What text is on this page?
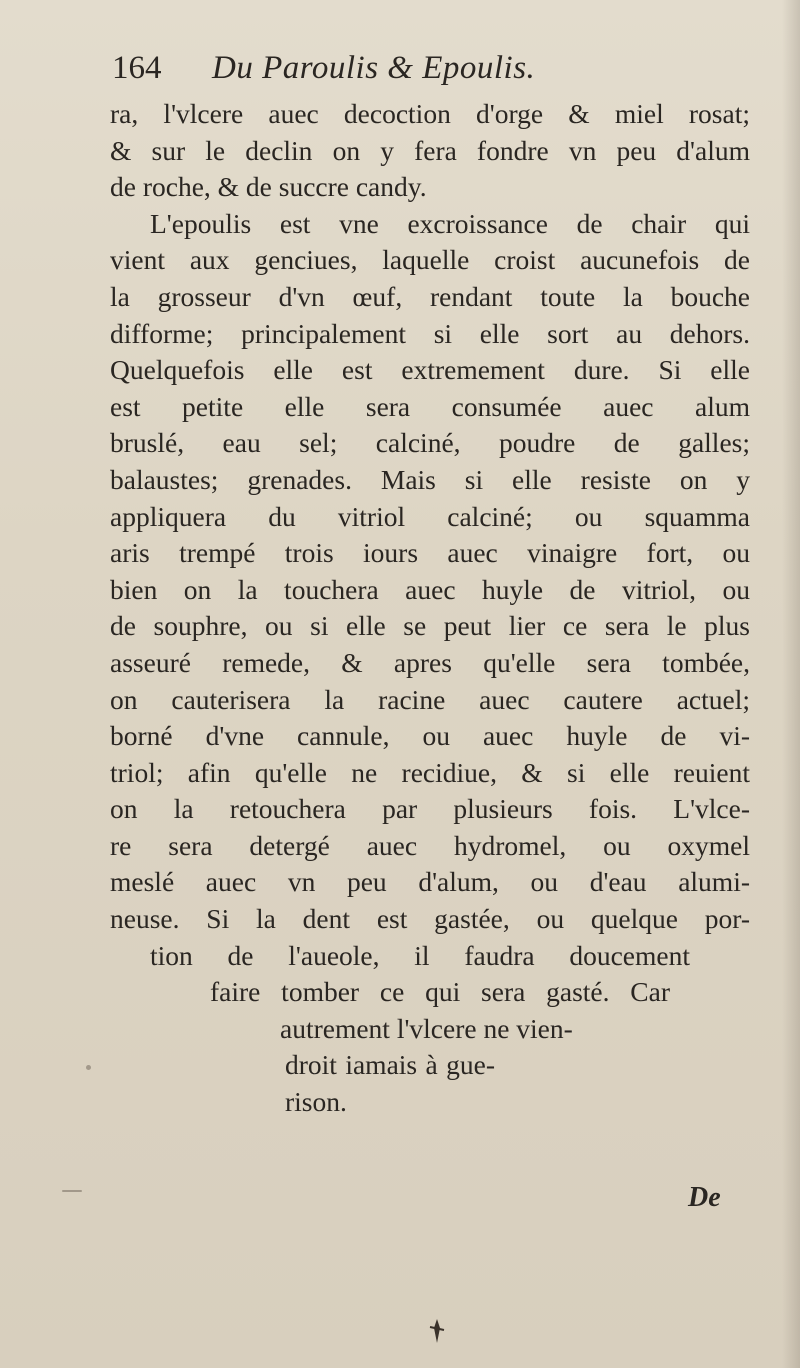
164 Du Paroulis & Epoulis.
ra, l'vlcere auec decoction d'orge & miel rosat;
& sur le declin on y fera fondre vn peu d'alum
de roche, & de succre candy.
L'epoulis est vne excroissance de chair qui
vient aux genciues, laquelle croist aucunefois de
la grosseur d'vn œuf, rendant toute la bouche
difforme; principalement si elle sort au dehors.
Quelquefois elle est extremement dure. Si elle
est petite elle sera consumée auec alum
bruslé, eau sel; calciné, poudre de galles;
balaustes; grenades. Mais si elle resiste on y
appliquera du vitriol calciné; ou squamma
aris trempé trois iours auec vinaigre fort, ou
bien on la touchera auec huyle de vitriol, ou
de souphre, ou si elle se peut lier ce sera le plus
asseuré remede, & apres qu'elle sera tombée,
on cauterisera la racine auec cautere actuel;
borné d'vne cannule, ou auec huyle de vi-
triol; afin qu'elle ne recidiue, & si elle reuient
on la retouchera par plusieurs fois. L'vlce-
re sera detergé auec hydromel, ou oxymel
meslé auec vn peu d'alum, ou d'eau alumi-
neuse. Si la dent est gastée, ou quelque por-
tion de l'aueole, il faudra doucement
faire tomber ce qui sera gasté. Car
autrement l'vlcere ne vien-
droit iamais à gue-
rison.
De
